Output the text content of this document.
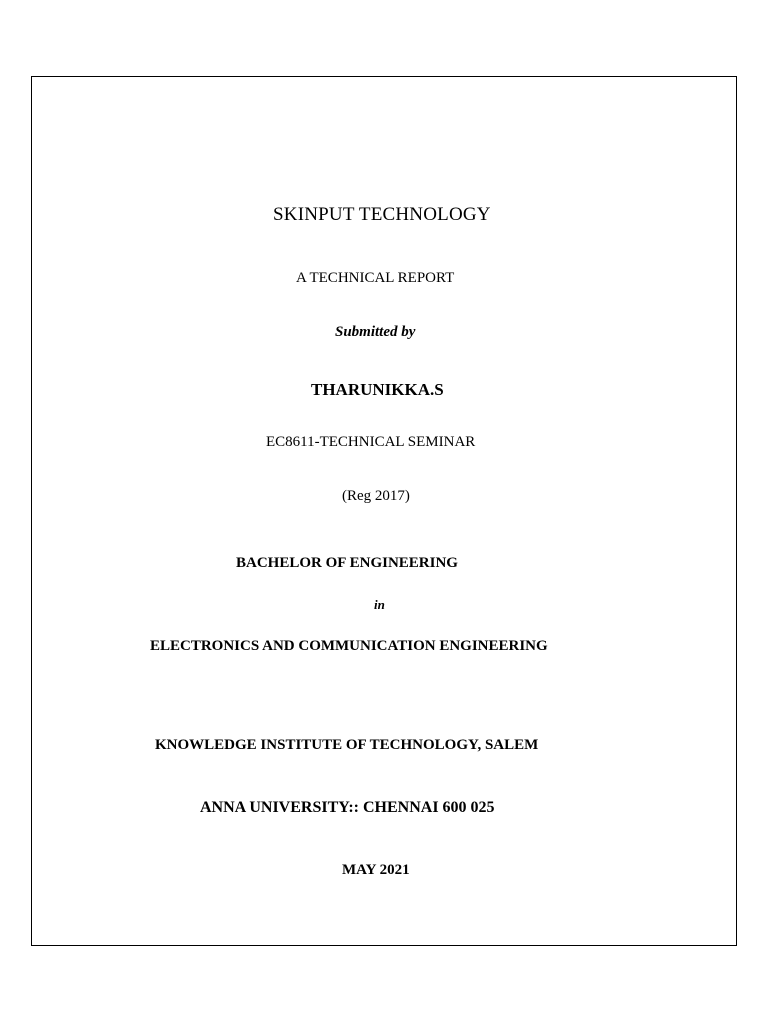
SKINPUT TECHNOLOGY
A TECHNICAL REPORT
Submitted by
THARUNIKKA.S
EC8611-TECHNICAL SEMINAR
(Reg 2017)
BACHELOR OF ENGINEERING
in
ELECTRONICS AND COMMUNICATION ENGINEERING
KNOWLEDGE INSTITUTE OF TECHNOLOGY, SALEM
ANNA UNIVERSITY:: CHENNAI 600 025
MAY 2021
